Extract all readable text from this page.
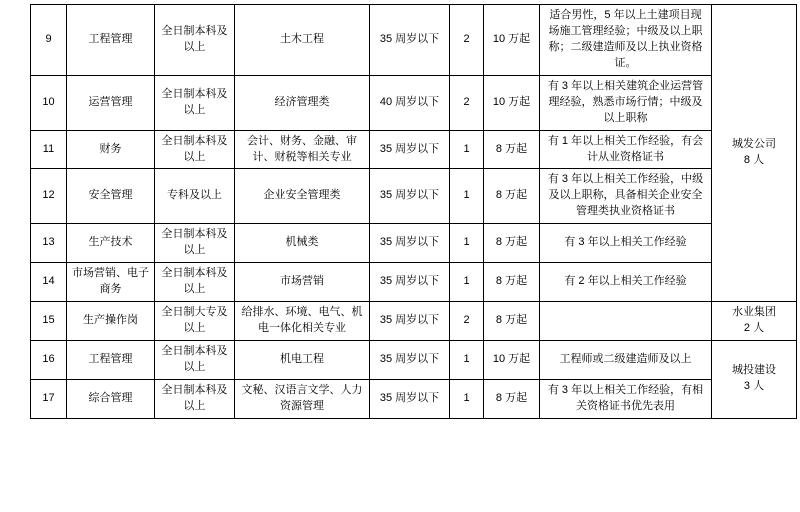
9	工程管理	全日制本科及以上	土木工程	35 周岁以下	2	10 万起	适合男性，5 年以上土建项目现场施工管理经验；中级及以上职称；二级建造师及以上执业资格证。	城发公司
8 人

10	运营管理	全日制本科及以上	经济管理类	40 周岁以下	2	10 万起	有 3 年以上相关建筑企业运营管理经验，熟悉市场行情；中级及以上职称	
11	财务	全日制本科及以上	会计、财务、金融、审计、财税等相关专业	35 周岁以下	1	8 万起	有 1 年以上相关工作经验，有会计从业资格证书	
12	安全管理	专科及以上	企业安全管理类	35 周岁以下	1	8 万起	有 3 年以上相关工作经验，中级及以上职称，具备相关企业安全管理类执业资格证书	
13	生产技术	全日制本科及以上	机械类	35 周岁以下	1	8 万起	有 3 年以上相关工作经验	
14	市场营销、电子商务	全日制本科及以上	市场营销	35 周岁以下	1	8 万起	有 2 年以上相关工作经验	
15	生产操作岗	全日制大专及以上	给排水、环境、电气、机电一体化相关专业	35 周岁以下	2	8 万起		水业集团
2 人

16	工程管理	全日制本科及以上	机电工程	35 周岁以下	1	10 万起	工程师或二级建造师及以上	城投建设
3 人

17	综合管理	全日制本科及以上	文秘、汉语言文学、人力资源管理	35 周岁以下	1	8 万起	有 3 年以上相关工作经验，有相关资格证书优先表用	
